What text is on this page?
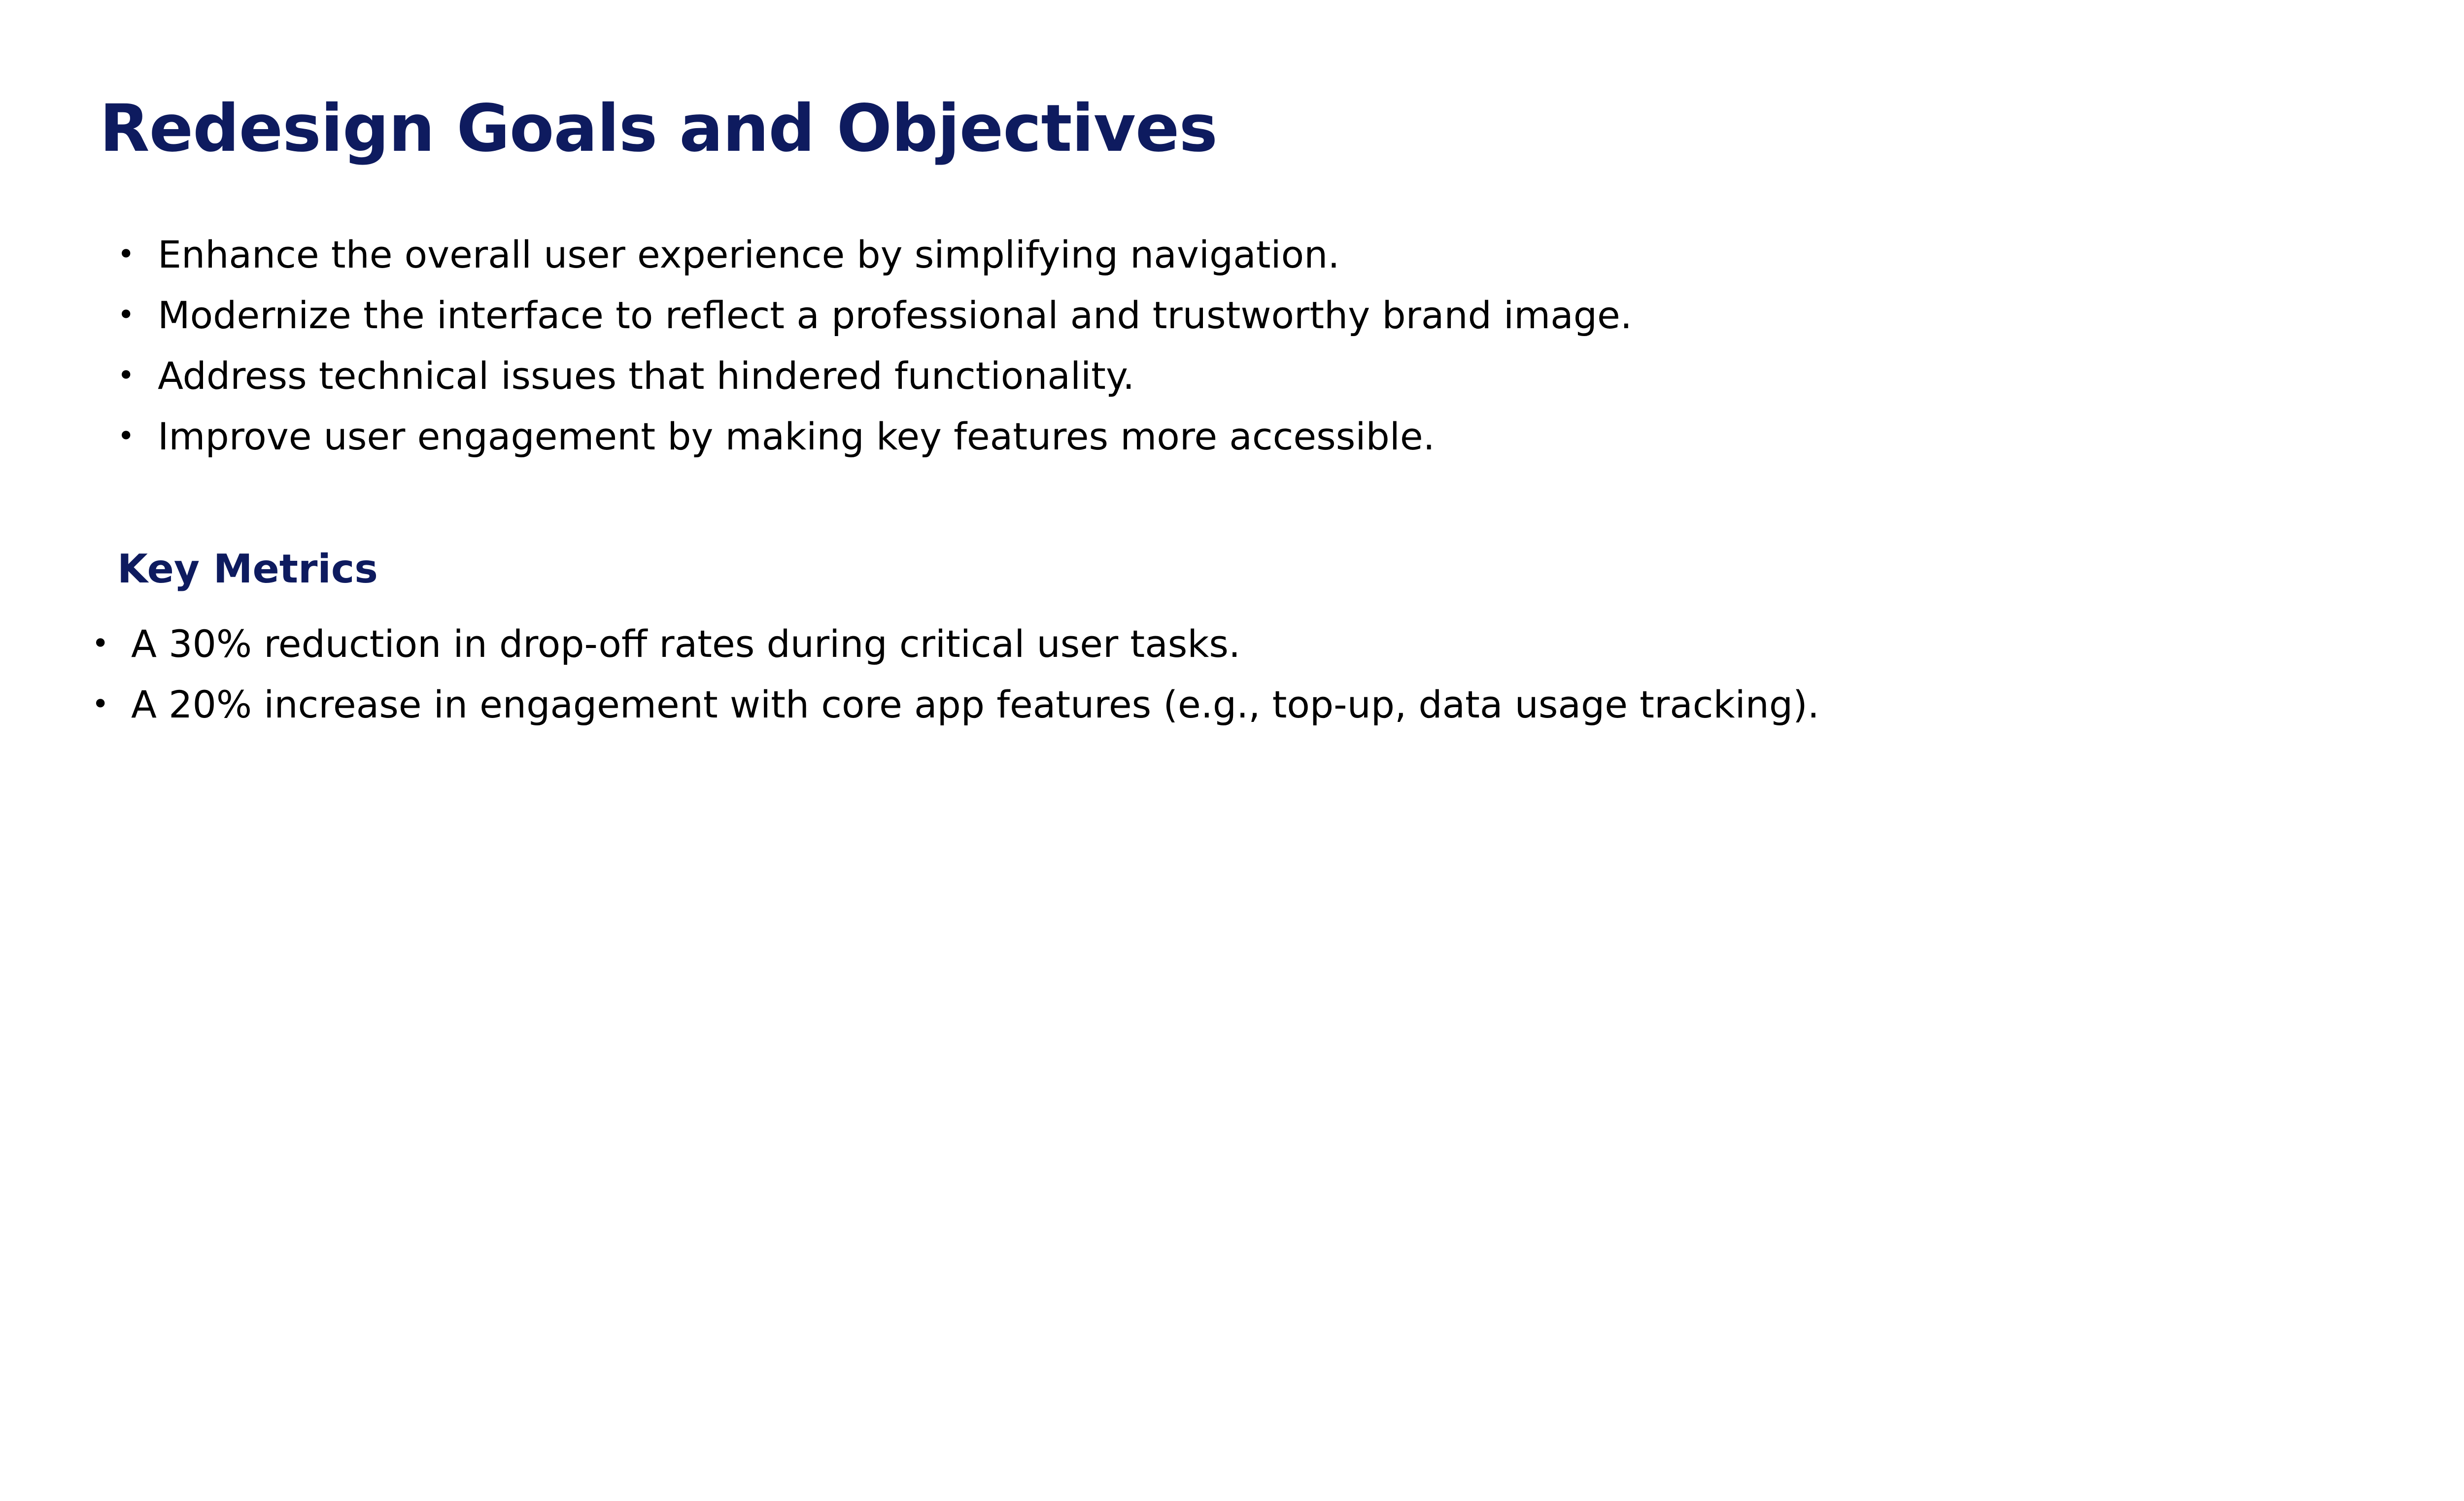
Redesign Goals and Objectives
• Enhance the overall user experience by simplifying navigation.
• Modernize the interface to reflect a professional and trustworthy brand image.
• Address technical issues that hindered functionality.
• Improve user engagement by making key features more accessible.
Key Metrics
• A 30% reduction in drop-off rates during critical user tasks.
• A 20% increase in engagement with core app features (e.g., top-up, data usage tracking).
